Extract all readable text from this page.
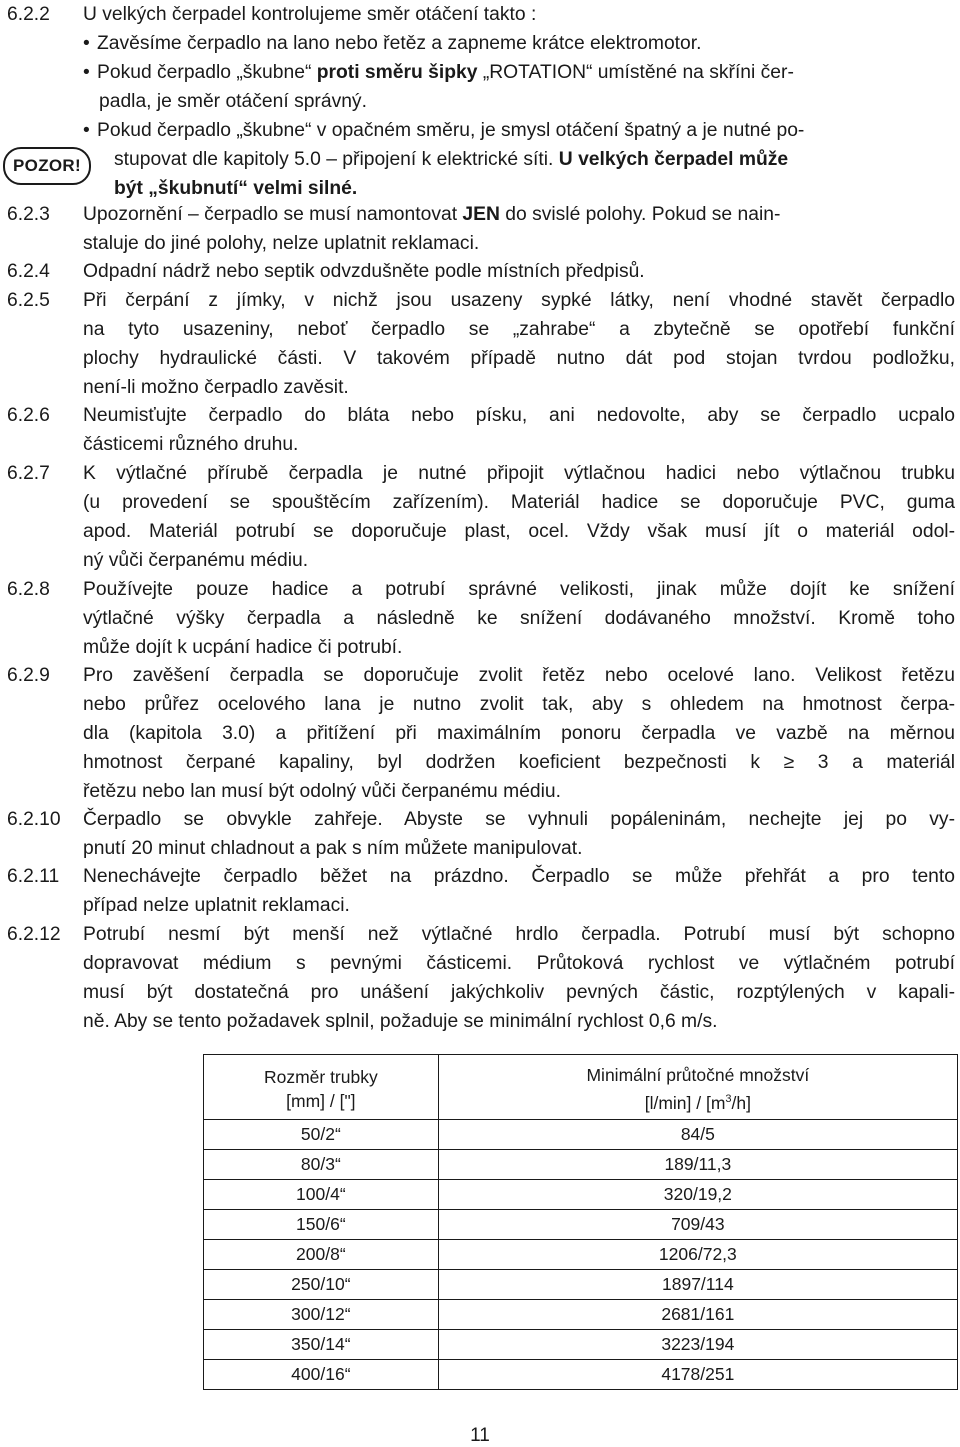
6.2.2 U velkých čerpadel kontrolujeme směr otáčení takto :
• Zavěsíme čerpadlo na lano nebo řetěz a zapneme krátce elektromotor.
• Pokud čerpadlo „škubne“ proti směru šipky „ROTATION“ umístěné na skříni čer-
padla, je směr otáčení správný.
• Pokud čerpadlo „škubne“ v opačném směru, je smysl otáčení špatný a je nutné po-
stupovat dle kapitoly 5.0 – připojení k elektrické síti. U velkých čerpadel může
být „škubnutí“ velmi silné.
POZOR!
6.2.3 Upozornění – čerpadlo se musí namontovat JEN do svislé polohy. Pokud se nain-
staluje do jiné polohy, nelze uplatnit reklamaci.
6.2.4 Odpadní nádrž nebo septik odvzdušněte podle místních předpisů.
6.2.5 Při čerpání z jímky, v nichž jsou usazeny sypké látky, není vhodné stavět čerpadlo
na tyto usazeniny, neboť čerpadlo se „zahrabe“ a zbytečně se opotřebí funkční
plochy hydraulické části. V takovém případě nutno dát pod stojan tvrdou podložku,
není-li možno čerpadlo zavěsit.
6.2.6 Neumisťujte čerpadlo do bláta nebo písku, ani nedovolte, aby se čerpadlo ucpalo
částicemi různého druhu.
6.2.7 K výtlačné přírubě čerpadla je nutné připojit výtlačnou hadici nebo výtlačnou trubku
(u provedení se spouštěcím zařízením). Materiál hadice se doporučuje PVC, guma
apod. Materiál potrubí se doporučuje plast, ocel. Vždy však musí jít o materiál odol-
ný vůči čerpanému médiu.
6.2.8 Používejte pouze hadice a potrubí správné velikosti, jinak může dojít ke snížení
výtlačné výšky čerpadla a následně ke snížení dodávaného množství. Kromě toho
může dojít k ucpání hadice či potrubí.
6.2.9 Pro zavěšení čerpadla se doporučuje zvolit řetěz nebo ocelové lano. Velikost řetězu
nebo průřez ocelového lana je nutno zvolit tak, aby s ohledem na hmotnost čerpa-
dla (kapitola 3.0) a přitížení při maximálním ponoru čerpadla ve vazbě na měrnou
hmotnost čerpané kapaliny, byl dodržen koeficient bezpečnosti k ≥ 3 a materiál
řetězu nebo lan musí být odolný vůči čerpanému médiu.
6.2.10 Čerpadlo se obvykle zahřeje. Abyste se vyhnuli popáleninám, nechejte jej po vy-
pnutí 20 minut chladnout a pak s ním můžete manipulovat.
6.2.11 Nenechávejte čerpadlo běžet na prázdno. Čerpadlo se může přehřát a pro tento
případ nelze uplatnit reklamaci.
6.2.12 Potrubí nesmí být menší než výtlačné hrdlo čerpadla. Potrubí musí být schopno
dopravovat médium s pevnými částicemi. Průtoková rychlost ve výtlačném potrubí
musí být dostatečná pro unášení jakýchkoliv pevných částic, rozptýlených v kapali-
ně. Aby se tento požadavek splnil, požaduje se minimální rychlost 0,6 m/s.
Rozměr trubky
[mm] / ["]	Minimální průtočné množství
$[l/\min] / [m^3/h]$
50/2“	84/5
80/3“	189/11,3
100/4“	320/19,2
150/6“	709/43
200/8“	1206/72,3
250/10“	1897/114
300/12“	2681/161
350/14“	3223/194
400/16“	4178/251
11
